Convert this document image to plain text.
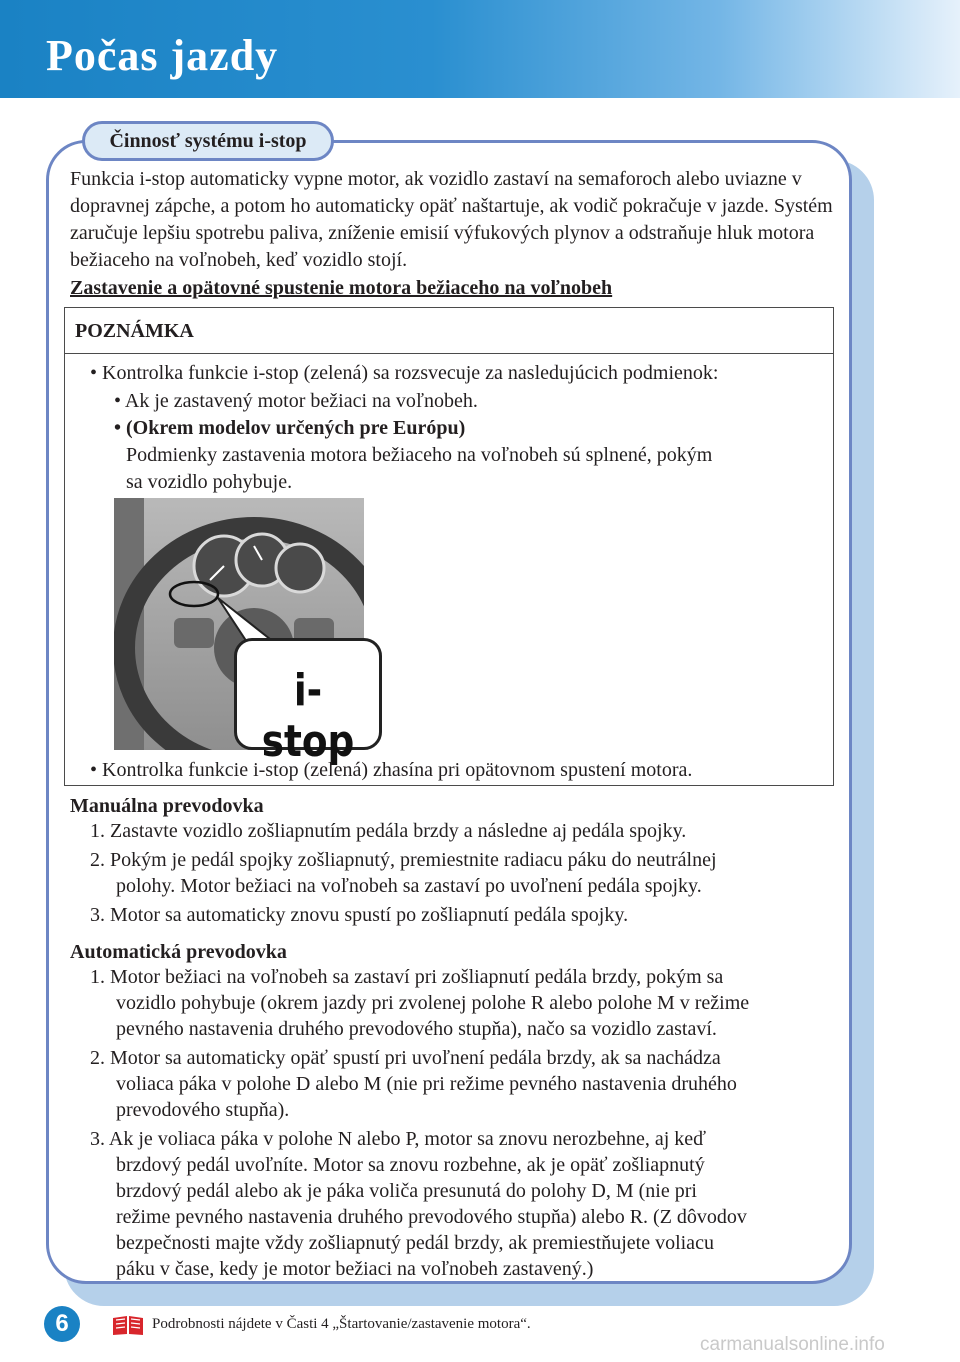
Počas jazdy
Činnosť systému i-stop
Funkcia i-stop automaticky vypne motor, ak vozidlo zastaví na semaforoch alebo uviazne v dopravnej zápche, a potom ho automaticky opäť naštartuje, ak vodič pokračuje v jazde. Systém zaručuje lepšiu spotrebu paliva, zníženie emisií výfukových plynov a odstraňuje hluk motora bežiaceho na voľnobeh, keď vozidlo stojí.
Zastavenie a opätovné spustenie motora bežiaceho na voľnobeh
POZNÁMKA
• Kontrolka funkcie i-stop (zelená) sa rozsvecuje za nasledujúcich podmienok:
• Ak je zastavený motor bežiaci na voľnobeh.
• (Okrem modelov určených pre Európu)
Podmienky zastavenia motora bežiaceho na voľnobeh sú splnené, pokým
sa vozidlo pohybuje.
i-stop
• Kontrolka funkcie i-stop (zelená) zhasína pri opätovnom spustení motora.
Manuálna prevodovka
1. Zastavte vozidlo zošliapnutím pedála brzdy a následne aj pedála spojky.
2. Pokým je pedál spojky zošliapnutý, premiestnite radiacu páku do neutrálnej
polohy. Motor bežiaci na voľnobeh sa zastaví po uvoľnení pedála spojky.
3. Motor sa automaticky znovu spustí po zošliapnutí pedála spojky.
Automatická prevodovka
1. Motor bežiaci na voľnobeh sa zastaví pri zošliapnutí pedála brzdy, pokým sa
vozidlo pohybuje (okrem jazdy pri zvolenej polohe R alebo polohe M v režime
pevného nastavenia druhého prevodového stupňa), načo sa vozidlo zastaví.
2. Motor sa automaticky opäť spustí pri uvoľnení pedála brzdy, ak sa nachádza
voliaca páka v polohe D alebo M (nie pri režime pevného nastavenia druhého
prevodového stupňa).
3. Ak je voliaca páka v polohe N alebo P, motor sa znovu nerozbehne, aj keď
brzdový pedál uvoľníte. Motor sa znovu rozbehne, ak je opäť zošliapnutý
brzdový pedál alebo ak je páka voliča presunutá do polohy D, M (nie pri
režime pevného nastavenia druhého prevodového stupňa) alebo R. (Z dôvodov
bezpečnosti majte vždy zošliapnutý pedál brzdy, ak premiestňujete voliacu
páku v čase, kedy je motor bežiaci na voľnobeh zastavený.)
6	Podrobnosti nájdete v Časti 4 „Štartovanie/zastavenie motora“.
carmanualsonline.info
